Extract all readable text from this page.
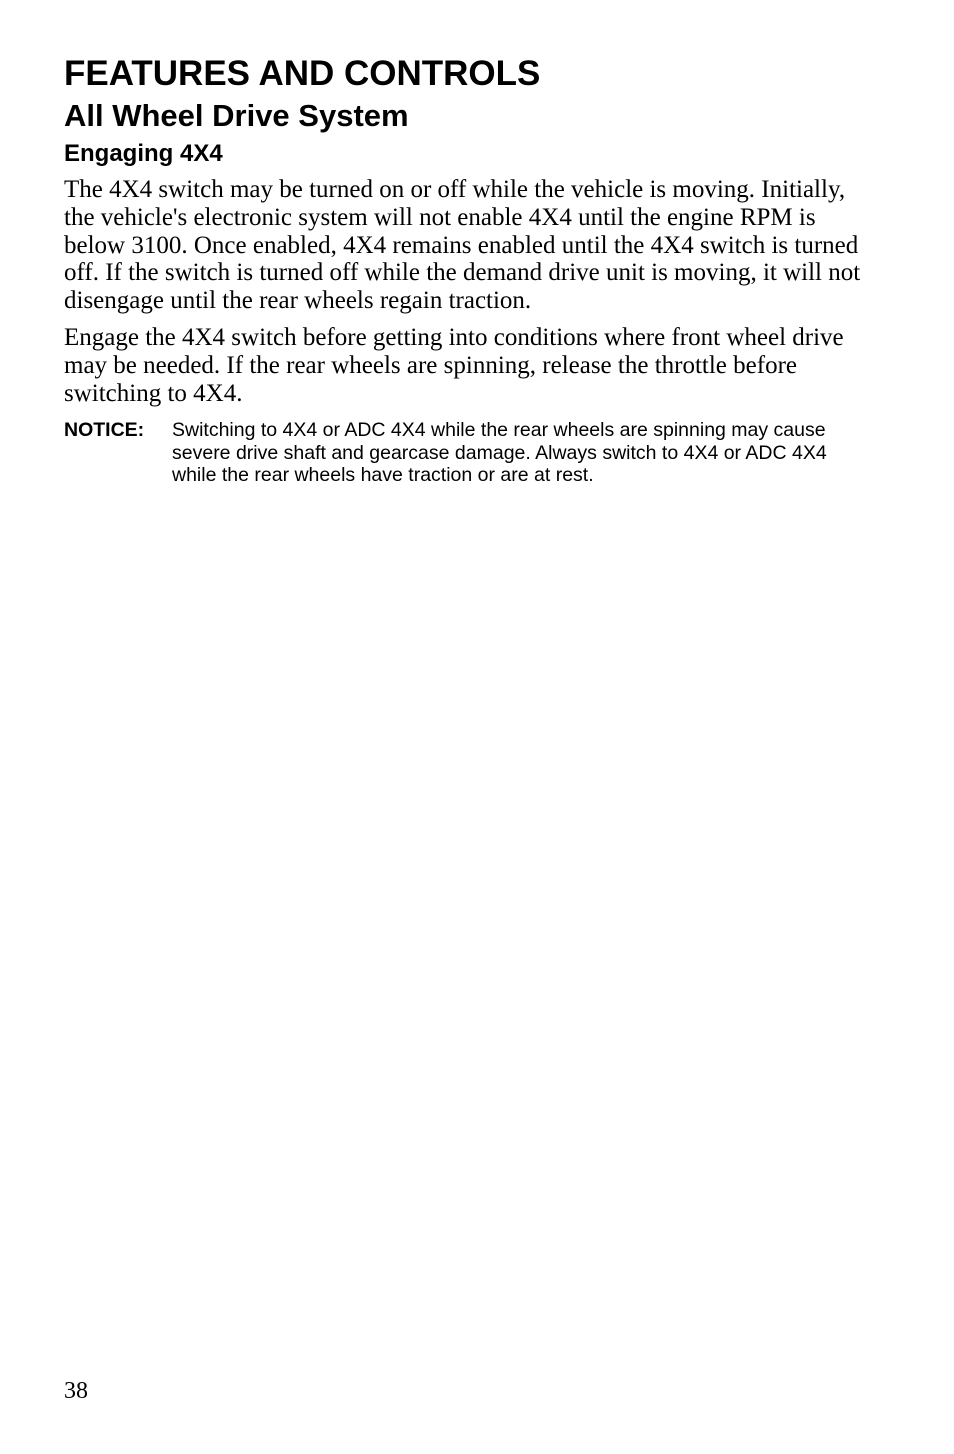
FEATURES AND CONTROLS
All Wheel Drive System
Engaging 4X4

The 4X4 switch may be turned on or off while the vehicle is moving. Initially, the vehicle's electronic system will not enable 4X4 until the engine RPM is below 3100. Once enabled, 4X4 remains enabled until the 4X4 switch is turned off. If the switch is turned off while the demand drive unit is moving, it will not disengage until the rear wheels regain traction.

Engage the 4X4 switch before getting into conditions where front wheel drive may be needed. If the rear wheels are spinning, release the throttle before switching to 4X4.

NOTICE:	Switching to 4X4 or ADC 4X4 while the rear wheels are spinning may cause severe drive shaft and gearcase damage. Always switch to 4X4 or ADC 4X4 while the rear wheels have traction or are at rest.
38
